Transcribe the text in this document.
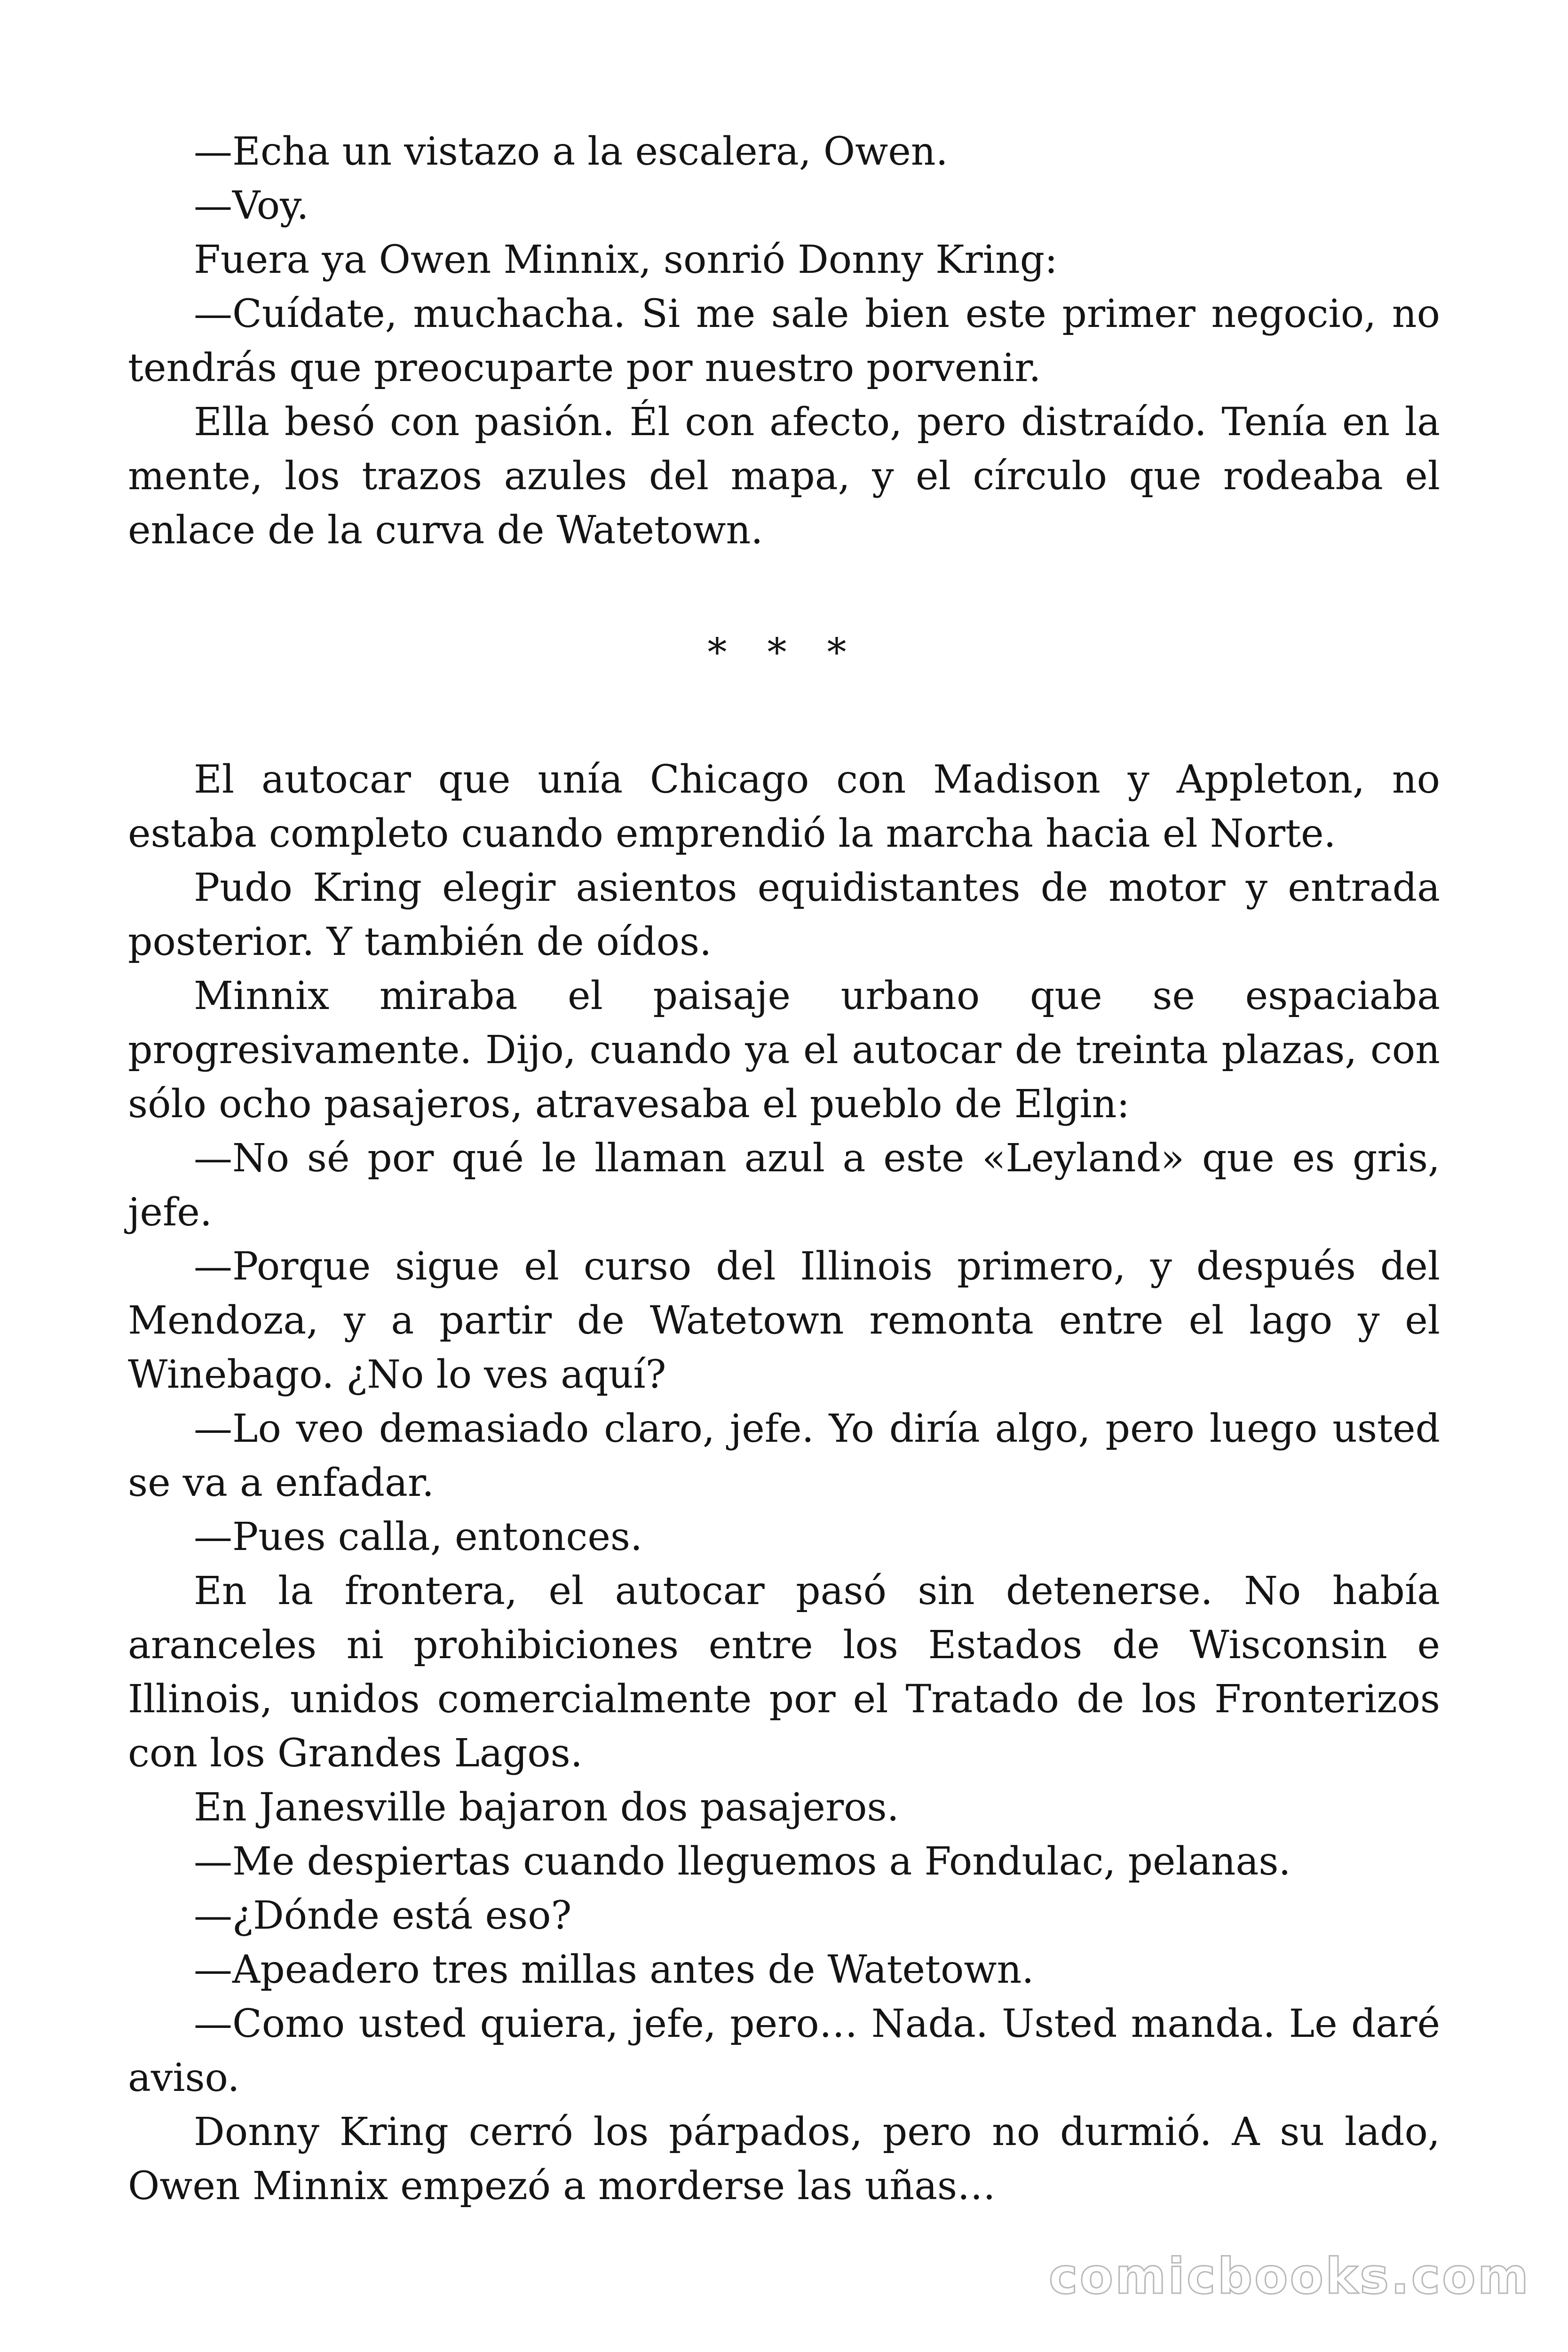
—Echa un vistazo a la escalera, Owen.

—Voy.

Fuera ya Owen Minnix, sonrió Donny Kring:

—Cuídate, muchacha. Si me sale bien este primer negocio, no tendrás que preocuparte por nuestro porvenir.

Ella besó con pasión. Él con afecto, pero distraído. Tenía en la mente, los trazos azules del mapa, y el círculo que rodeaba el enlace de la curva de Watetown.

* * *

El autocar que unía Chicago con Madison y Appleton, no estaba completo cuando emprendió la marcha hacia el Norte.

Pudo Kring elegir asientos equidistantes de motor y entrada posterior. Y también de oídos.

Minnix miraba el paisaje urbano que se espaciaba progresivamente. Dijo, cuando ya el autocar de treinta plazas, con sólo ocho pasajeros, atravesaba el pueblo de Elgin:

—No sé por qué le llaman azul a este «Leyland» que es gris, jefe.

—Porque sigue el curso del Illinois primero, y después del Mendoza, y a partir de Watetown remonta entre el lago y el Winebago. ¿No lo ves aquí?

—Lo veo demasiado claro, jefe. Yo diría algo, pero luego usted se va a enfadar.

—Pues calla, entonces.

En la frontera, el autocar pasó sin detenerse. No había aranceles ni prohibiciones entre los Estados de Wisconsin e Illinois, unidos comercialmente por el Tratado de los Fronterizos con los Grandes Lagos.

En Janesville bajaron dos pasajeros.

—Me despiertas cuando lleguemos a Fondulac, pelanas.

—¿Dónde está eso?

—Apeadero tres millas antes de Watetown.

—Como usted quiera, jefe, pero… Nada. Usted manda. Le daré aviso.

Donny Kring cerró los párpados, pero no durmió. A su lado, Owen Minnix empezó a morderse las uñas…

comicbooks.com
